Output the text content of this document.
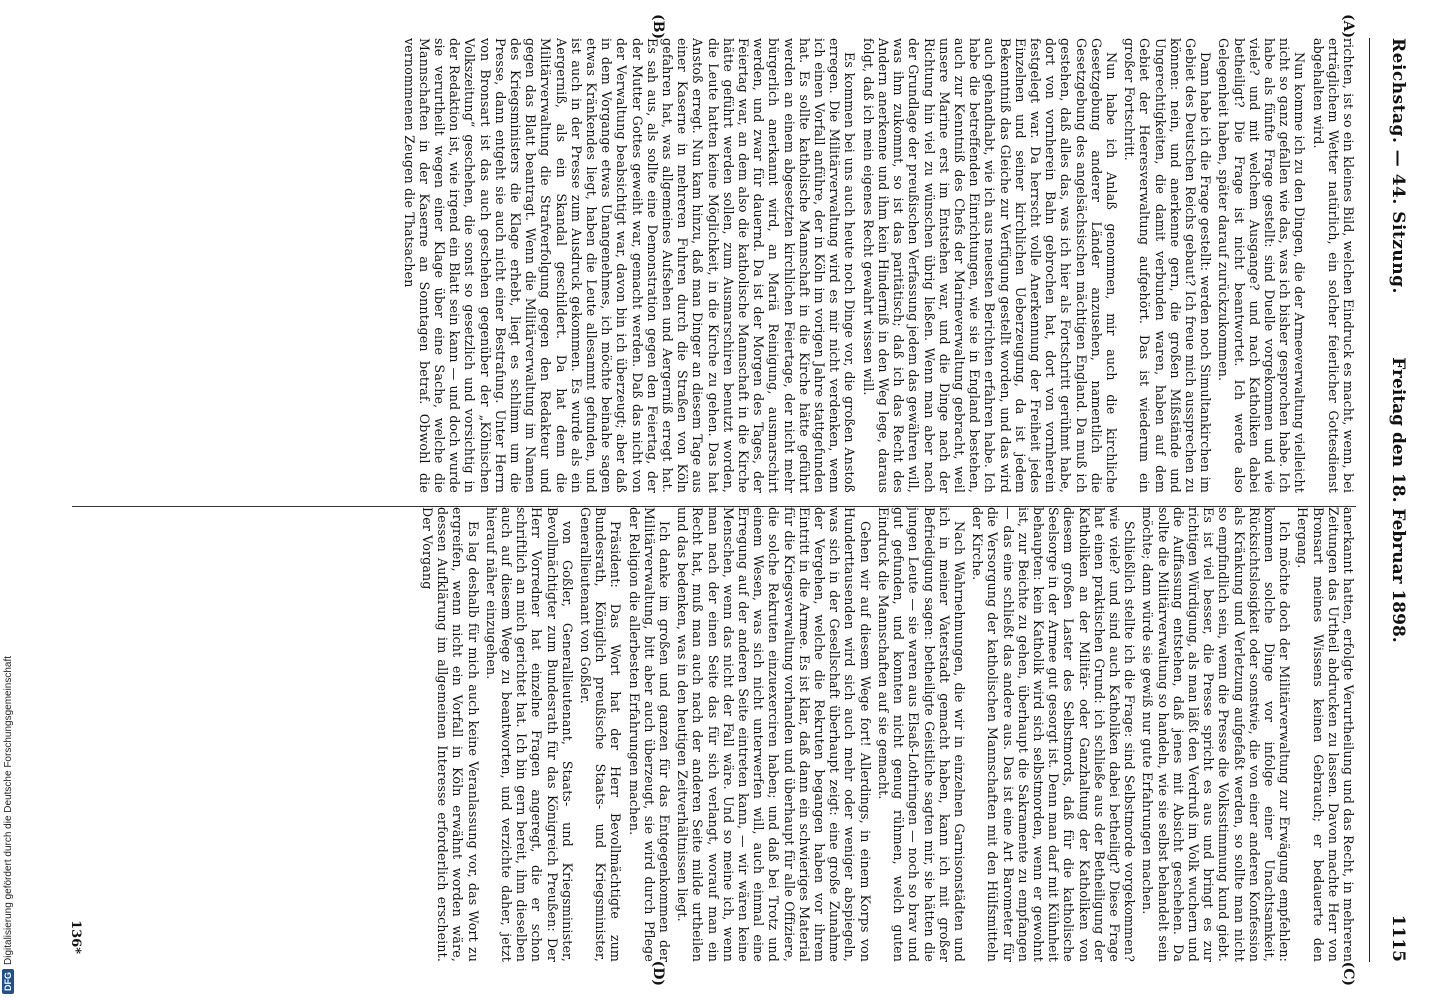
Reichstag. — 44. Sitzung.
Freitag den 18. Februar 1898.
1115

richten, ist so ein kleines Bild, welchen Eindruck es macht, wenn, bei erträglichem Wetter natürlich, ein solcher feierlicher Gottesdienst abgehalten wird.

Nun komme ich zu den Dingen, die der Armeeverwaltung vielleicht nicht so ganz gefallen wie das, was ich bisher gesprochen habe. Ich habe als fünfte Frage gestellt: sind Duelle vorgekommen und wie viele? und mit welchem Ausgange? und nach Katholiken dabei betheiligt? Die Frage ist nicht beantwortet. Ich werde also Gelegenheit haben, später darauf zurückzukommen.

Dann habe ich die Frage gestellt: werden noch Simultankirchen im Gebiet des Deutschen Reichs gebaut? Ich freue mich aussprechen zu können: nein, und anerkenne gern, die großen Mißstände und Ungerechtigkeiten, die damit verbunden waren, haben auf dem Gebiet der Heeresverwaltung aufgehört. Das ist wiederum ein großer Fortschritt.

Nun habe ich Anlaß genommen, mir auch die kirchliche Gesetzgebung anderer Länder anzusehen, namentlich die Gesetzgebung des angelsächsischen mächtigen England. Da muß ich gestehen, daß alles das, was ich hier als Fortschritt gerühmt habe, dort von vornherein Bahn gebrochen hat, dort von vornherein festgelegt war. Da herrscht volle Anerkennung der Freiheit jedes Einzelnen und seiner kirchlichen Ueberzeugung, da ist jedem Bekenntniß das Gleiche zur Verfügung gestellt worden, und das wird auch gehandhabt, wie ich aus neuesten Berichten erfahren habe. Ich habe die betreffenden Einrichtungen, wie sie in England bestehen, auch zur Kenntniß des Chefs der Marineverwaltung gebracht, weil unsere Marine erst im Entstehen war, und die Dinge nach der Richtung hin viel zu wünschen übrig ließen. Wenn man aber nach der Grundlage der preußischen Verfassung jedem das gewähren will, was ihm zukommt, so ist das paritätisch; daß ich das Recht des Andern anerkenne und ihm kein Hinderniß in den Weg lege, daraus folgt, daß ich mein eigenes Recht gewahrt wissen will.

Es kommen bei uns auch heute noch Dinge vor, die großen Anstoß erregen. Die Militärverwaltung wird es mir nicht verdenken, wenn ich einen Vorfall anführe, der in Köln im vorigen Jahre stattgefunden hat. Es sollte katholische Mannschaft in die Kirche hätte geführt werden an einem abgesetzten kirchlichen Feiertage, der nicht mehr bürgerlich anerkannt wird, an Mariä Reinigung, ausmarschirt werden, und zwar für dauernd. Da ist der Morgen des Tages, der Feiertag war, an dem also die katholische Mannschaft in die Kirche hätte geführt werden sollen, zum Ausmarschiren benutzt worden, die Leute hatten keine Möglichkeit, in die Kirche zu gehen. Das hat Anstoß erregt. Nun kam hinzu, daß man Dinger an diesem Tage aus einer Kaserne in mehreren Fuhren durch die Straßen von Köln gefahren hat, was allgemeines Aufsehen und Aergerniß erregt hat. Es sah aus, als sollte eine Demonstration gegen den Feiertag, der der Mutter Gottes geweiht war, gemacht werden. Daß das nicht von der Verwaltung beabsichtigt war, davon bin ich überzeugt; aber daß in dem Vorgange etwas Unangenehmes, ich möchte beinahe sagen etwas Kränkendes liegt, haben die Leute allesammt gefunden, und ist auch in der Presse zum Ausdruck gekommen. Es wurde als ein Aergerniß, als ein Skandal geschildert. Da hat denn die Militärverwaltung die Strafverfolgung gegen den Redakteur und gegen das Blatt beantragt. Wenn die Militärverwaltung im Namen des Kriegsministers die Klage erhebt, liegt es schlimm um die Presse, dann entgeht sie auch nicht einer Bestrafung. Unter Herrn von Bronsart ist das auch geschehen gegenüber der „Kölnischen Volkszeitung“ geschehen, die sonst so gesetzlich und vorsichtig in der Redaktion ist, wie irgend ein Blatt sein kann — und doch wurde sie verurtheilt wegen einer Klage über eine Sache, welche die Mannschaften in der Kaserne an Sonntagen betraf. Obwohl die vernommenen Zeugen die Thatsachen

anerkannt hatten, erfolgte Verurtheilung und das Recht, in mehreren Zeitungen das Urtheil abdrucken zu lassen. Davon machte Herr von Bronsart meines Wissens keinen Gebrauch; er bedauerte den Hergang.

Ich möchte doch der Militärverwaltung zur Erwägung empfehlen: kommen solche Dinge vor infolge einer Unachtsamkeit, Rücksichtslosigkeit oder sonstwie, die von einer anderen Konfession als Kränkung und Verletzung aufgefaßt werden, so sollte man nicht so empfindlich sein, wenn die Presse die Volksstimmung kund giebt. Es ist viel besser, die Presse spricht es aus und bringt es zur richtigen Würdigung, als man läßt den Verdruß im Volk wuchern und die Auffassung entstehen, daß jenes mit Absicht geschehen. Da sollte die Militärverwaltung so handeln, wie sie selbst behandelt sein möchte; dann würde sie gewiß nur gute Erfahrungen machen.

Schließlich stellte ich die Frage: sind Selbstmorde vorgekommen? wie viele? und sind auch Katholiken dabei betheiligt? Diese Frage hat einen praktischen Grund: ich schließe aus der Betheiligung der Katholiken an der Militär- oder Ganzhaltung der Katholiken von diesem großen Laster des Selbstmords, daß für die katholische Seelsorge in der Armee gut gesorgt ist. Denn man darf mit Kühnheit behaupten: kein Katholik wird sich selbstmorden, wenn er gewohnt ist, zur Beichte zu gehen, überhaupt die Sakramente zu empfangen — das eine schließt das andere aus. Das ist eine Art Barometer für die Versorgung der katholischen Mannschaften mit den Hülfsmitteln der Kirche.

Nach Wahrnehmungen, die wir in einzelnen Garnisonstädten und ich in meiner Vaterstadt gemacht haben, kann ich mit großer Befriedigung sagen: betheiligte Geistliche sagten mir, sie hätten die jungen Leute — sie waren aus Elsaß-Lothringen — noch so brav und gut gefunden, und konnten nicht genug rühmen, welch guten Eindruck die Mannschaften auf sie gemacht.

Gehen wir auf diesem Wege fort! Allerdings, in einem Korps von Hunderttausenden wird sich auch mehr oder weniger abspiegeln, was sich in der Gesellschaft überhaupt zeigt: eine große Zunahme der Vergehen, welche die Rekruten begangen haben vor ihrem Eintritt in die Armee. Es ist klar, daß dann ein schwieriges Material für die Kriegsverwaltung vorhanden und überhaupt für alle Offiziere, die solche Rekruten einzuexerciren haben; und daß bei Trotz und einem Wesen, was sich nicht unterwerfen will, auch einmal eine Erregung auf der anderen Seite eintreten kann, — wir wären keine Menschen, wenn das nicht der Fall wäre. Und so meine ich, wenn man nach der einen Seite das für sich verlangt, worauf man ein Recht hat, muß man auch nach der anderen Seite milde urtheilen und das bedenken, was in den heutigen Zeitverhältnissen liegt.

Ich danke im großen und ganzen für das Entgegenkommen der Militärverwaltung, bitt aber auch überzeugt, sie wird durch Pflege der Religion die allerbesten Erfahrungen machen.

Präsident: Das Wort hat der Herr Bevollmächtigte zum Bundesrath, Königlich preußische Staats- und Kriegsminister, Generallieutenant von Goßler.

von Goßler, Generallieutenant, Staats- und Kriegsminister, Bevollmächtigter zum Bundesrath für das Königreich Preußen: Der Herr Vorredner hat einzelne Fragen angeregt, die er schon schriftlich an mich gerichtet hat. Ich bin gern bereit, ihm dieselben auch auf diesem Wege zu beantworten, und verzichte daher, jetzt hierauf näher einzugehen.

Es lag deshalb für mich auch keine Veranlassung vor, das Wort zu ergreifen, wenn nicht ein Vorfall in Köln erwähnt worden wäre, dessen Aufklärung im allgemeinen Interesse erforderlich erscheint. Der Vorgang

(A)
(B)
(C)
(D)
136*
DFG
Digitalisierung gefördert durch die Deutsche Forschungsgemeinschaft
